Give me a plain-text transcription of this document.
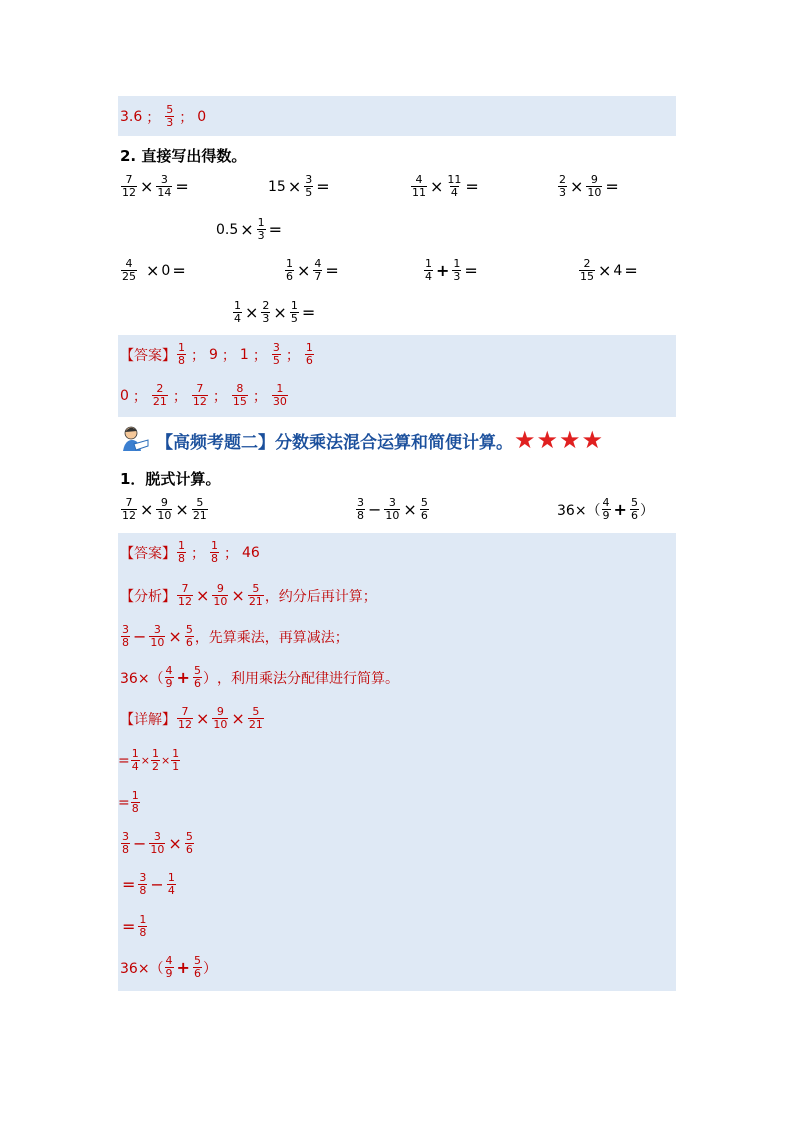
3.6 ； $\frac{5}{3}$ ； 0
2. 直接写出得数。
$\frac{7}{12} \times \frac{3}{14}$ =	$15 \times \frac{3}{5}$ =	$\frac{4}{11} \times \frac{11}{4}$ =	$\frac{2}{3} \times \frac{9}{10}$ =
$0.5 \times \frac{1}{3}$ =
$\frac{4}{25} \times 0$ =	$\frac{1}{6} \times \frac{4}{7}$ =	$\frac{1}{4} + \frac{1}{3}$ =	$\frac{2}{15} \times 4$ =
$\frac{1}{4} \times \frac{2}{3} \times \frac{1}{5}$ =
【答案】 $\frac{1}{8}$ ； 9 ； 1 ； $\frac{3}{5}$ ； $\frac{1}{6}$
0 ； $\frac{2}{21}$ ； $\frac{7}{12}$ ； $\frac{8}{15}$ ； $\frac{1}{30}$
【高频考题二】分数乘法混合运算和简便计算。 ★ ★ ★ ★
1．脱式计算。
$\frac{7}{12} \times \frac{9}{10} \times \frac{5}{21}$	$\frac{3}{8} - \frac{3}{10} \times \frac{5}{6}$	$36\times( \frac{4}{9} + \frac{5}{6}$ ）
【答案】 $\frac{1}{8}$ ； $\frac{1}{8}$ ； 46
【分析】 $\frac{7}{12} \times \frac{9}{10} \times \frac{5}{21}$ ，约分后再计算；
$\frac{3}{8} - \frac{3}{10} \times \frac{5}{6}$ ，先算乘法，再算减法；
$36\times( \frac{4}{9} + \frac{5}{6}$ ） ，利用乘法分配律进行简算。
【详解】 $\frac{7}{12} \times \frac{9}{10} \times \frac{5}{21}$
= $\frac{1}{4} \times \frac{1}{2} \times \frac{1}{1}$
= $\frac{1}{8}$
$\frac{3}{8} - \frac{3}{10} \times \frac{5}{6}$
= $\frac{3}{8} - \frac{1}{4}$
= $\frac{1}{8}$
$36\times( \frac{4}{9} + \frac{5}{6}$ ）
